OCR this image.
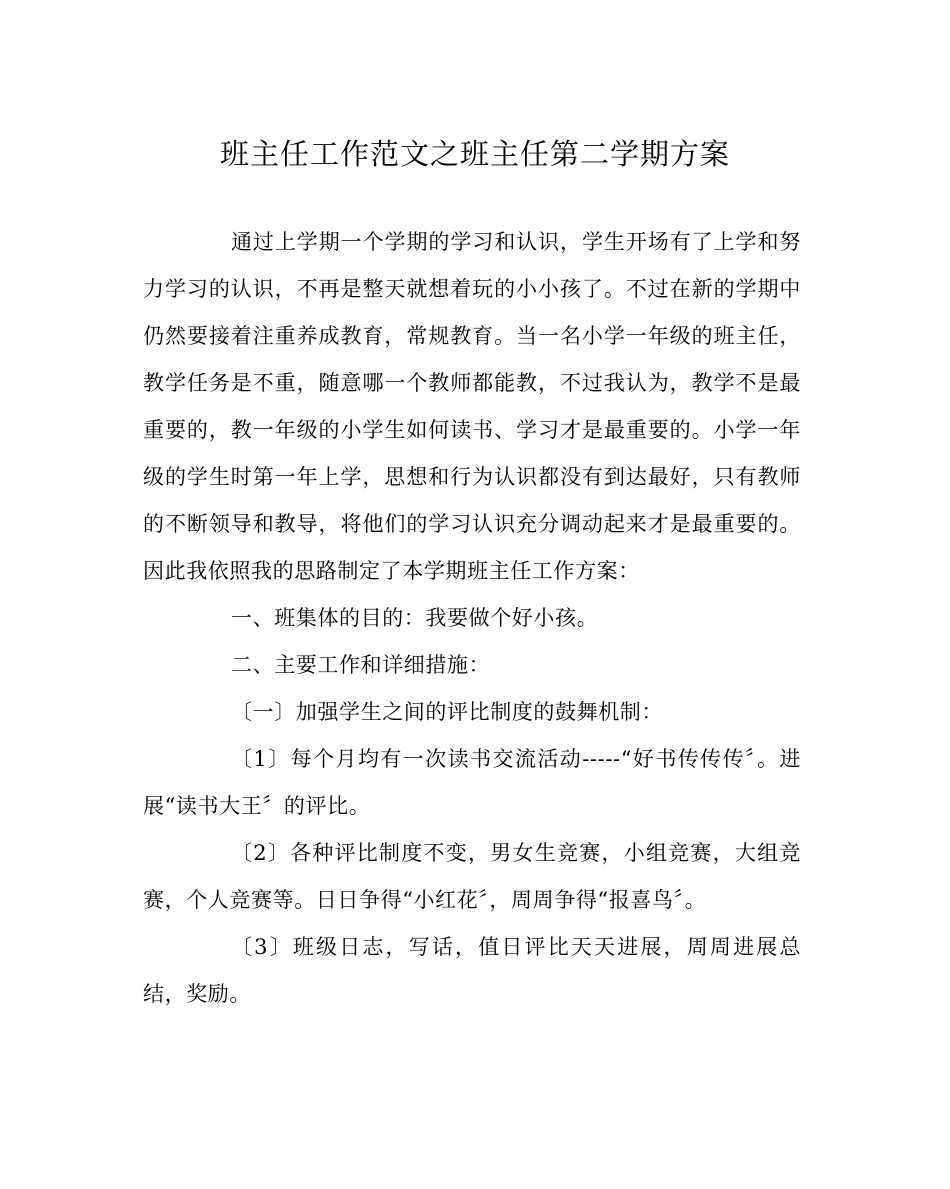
班主任工作范文之班主任第二学期方案

通过上学期一个学期的学习和认识，学生开场有了上学和努力学习的认识，不再是整天就想着玩的小小孩了。不过在新的学期中仍然要接着注重养成教育，常规教育。当一名小学一年级的班主任，教学任务是不重，随意哪一个教师都能教，不过我认为，教学不是最重要的，教一年级的小学生如何读书、学习才是最重要的。小学一年级的学生时第一年上学，思想和行为认识都没有到达最好，只有教师的不断领导和教导，将他们的学习认识充分调动起来才是最重要的。因此我依照我的思路制定了本学期班主任工作方案：

一、班集体的目的：我要做个好小孩。

二、主要工作和详细措施：

〔一〕加强学生之间的评比制度的鼓舞机制：

〔1〕每个月均有一次读书交流活动-----“好书传传传〞。进展“读书大王〞的评比。

〔2〕各种评比制度不变，男女生竞赛，小组竞赛，大组竞赛，个人竞赛等。日日争得“小红花〞，周周争得“报喜鸟〞。

〔3〕班级日志，写话，值日评比天天进展，周周进展总结，奖励。
